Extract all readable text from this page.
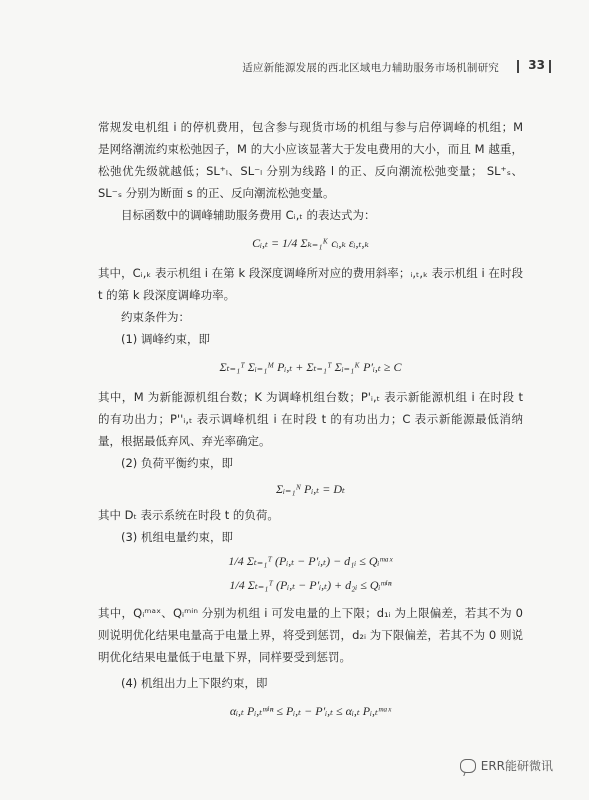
适应新能源发展的西北区域电力辅助服务市场机制研究 33

常规发电机组 i 的停机费用，包含参与现货市场的机组与参与启停调峰的机组；M 是网络潮流约束松弛因子，M 的大小应该显著大于发电费用的大小，而且 M 越重，松弛优先级就越低；SL⁺ₗ、SL⁻ₗ 分别为线路 l 的正、反向潮流松弛变量； SL⁺ₛ、SL⁻ₛ 分别为断面 s 的正、反向潮流松弛变量。

目标函数中的调峰辅助服务费用 Cᵢ,ₜ 的表达式为：

Cᵢ,ₜ = 1/4 Σₖ₌₁ᴷ cᵢ,ₖ εᵢ,ₜ,ₖ

其中，Cᵢ,ₖ 表示机组 i 在第 k 段深度调峰所对应的费用斜率；ᵢ,ₜ,ₖ 表示机组 i 在时段 t 的第 k 段深度调峰功率。

约束条件为：

(1) 调峰约束，即

Σₜ₌₁ᵀ Σᵢ₌₁ᴹ Pᵢ,ₜ + Σₜ₌₁ᵀ Σᵢ₌₁ᴷ P′ᵢ,ₜ ≥ C

其中，M 为新能源机组台数；K 为调峰机组台数；P'ᵢ,ₜ 表示新能源机组 i 在时段 t 的有功出力；P''ᵢ,ₜ 表示调峰机组 i 在时段 t 的有功出力；C 表示新能源最低消纳量，根据最低弃风、弃光率确定。

(2) 负荷平衡约束，即

Σᵢ₌₁ᴺ Pᵢ,ₜ = Dₜ

其中 Dₜ 表示系统在时段 t 的负荷。

(3) 机组电量约束，即

1/4 Σₜ₌₁ᵀ (Pᵢ,ₜ − P′ᵢ,ₜ) − d₁ᵢ ≤ Qᵢᵐᵃˣ
1/4 Σₜ₌₁ᵀ (Pᵢ,ₜ − P′ᵢ,ₜ) + d₂ᵢ ≤ Qᵢᵐⁱⁿ

其中，Qᵢᵐᵃˣ、Qᵢᵐⁱⁿ 分别为机组 i 可发电量的上下限；d₁ᵢ 为上限偏差，若其不为 0 则说明优化结果电量高于电量上界，将受到惩罚，d₂ᵢ 为下限偏差，若其不为 0 则说明优化结果电量低于电量下界，同样要受到惩罚。

(4) 机组出力上下限约束，即

αᵢ,ₜ Pᵢ,ₜᵐⁱⁿ ≤ Pᵢ,ₜ − P′ᵢ,ₜ ≤ αᵢ,ₜ Pᵢ,ₜᵐᵃˣ
ERR能研微讯
